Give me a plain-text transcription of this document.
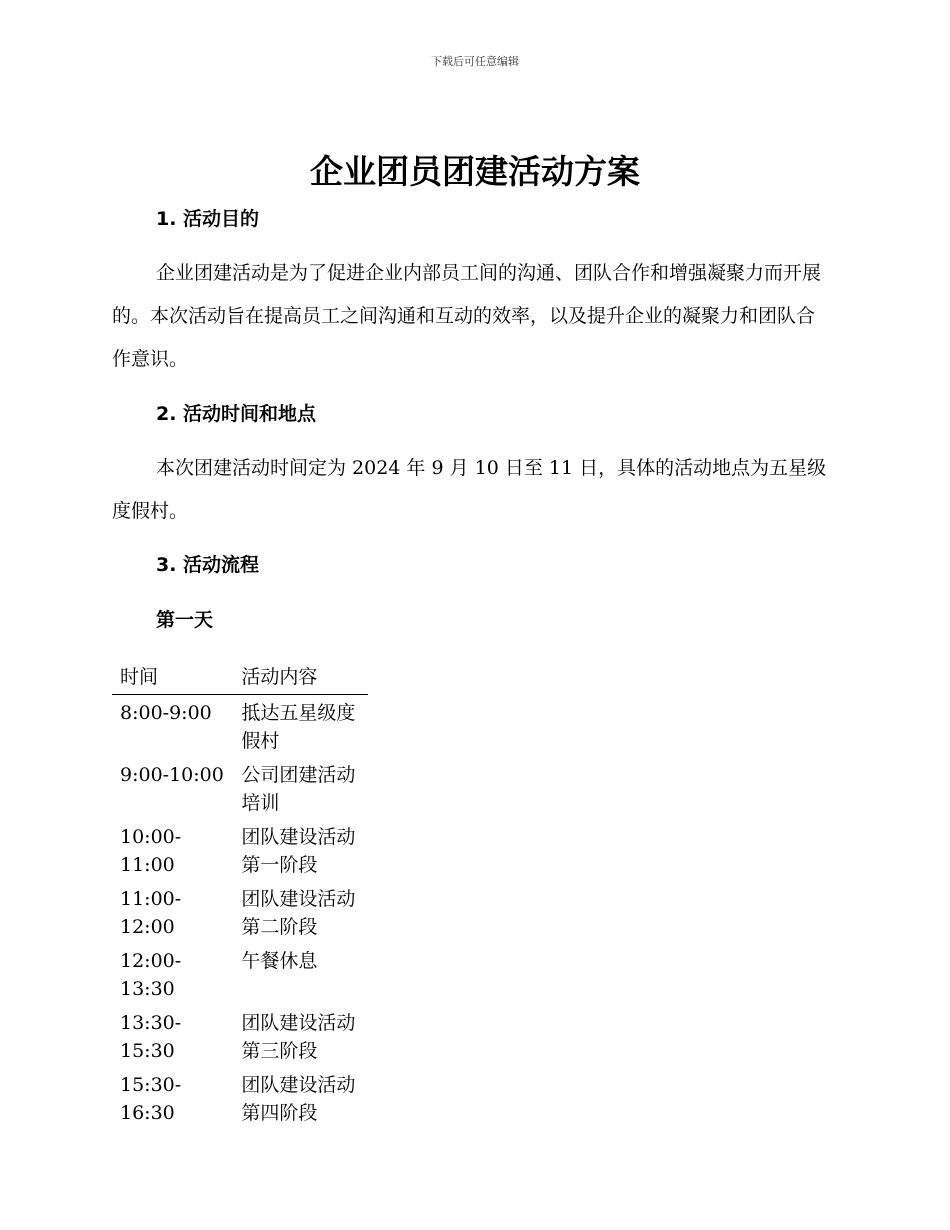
下载后可任意编辑
企业团员团建活动方案
1. 活动目的

企业团建活动是为了促进企业内部员工间的沟通、团队合作和增强凝聚力而开展的。本次活动旨在提高员工之间沟通和互动的效率，以及提升企业的凝聚力和团队合作意识。

2. 活动时间和地点

本次团建活动时间定为 2024 年 9 月 10 日至 11 日，具体的活动地点为五星级度假村。

3. 活动流程
第一天
时间	活动内容
8:00-9:00	抵达五星级度假村
9:00-10:00	公司团建活动培训
10:00-11:00	团队建设活动第一阶段
11:00-12:00	团队建设活动第二阶段
12:00-13:30	午餐休息
13:30-15:30	团队建设活动第三阶段
15:30-16:30	团队建设活动第四阶段
